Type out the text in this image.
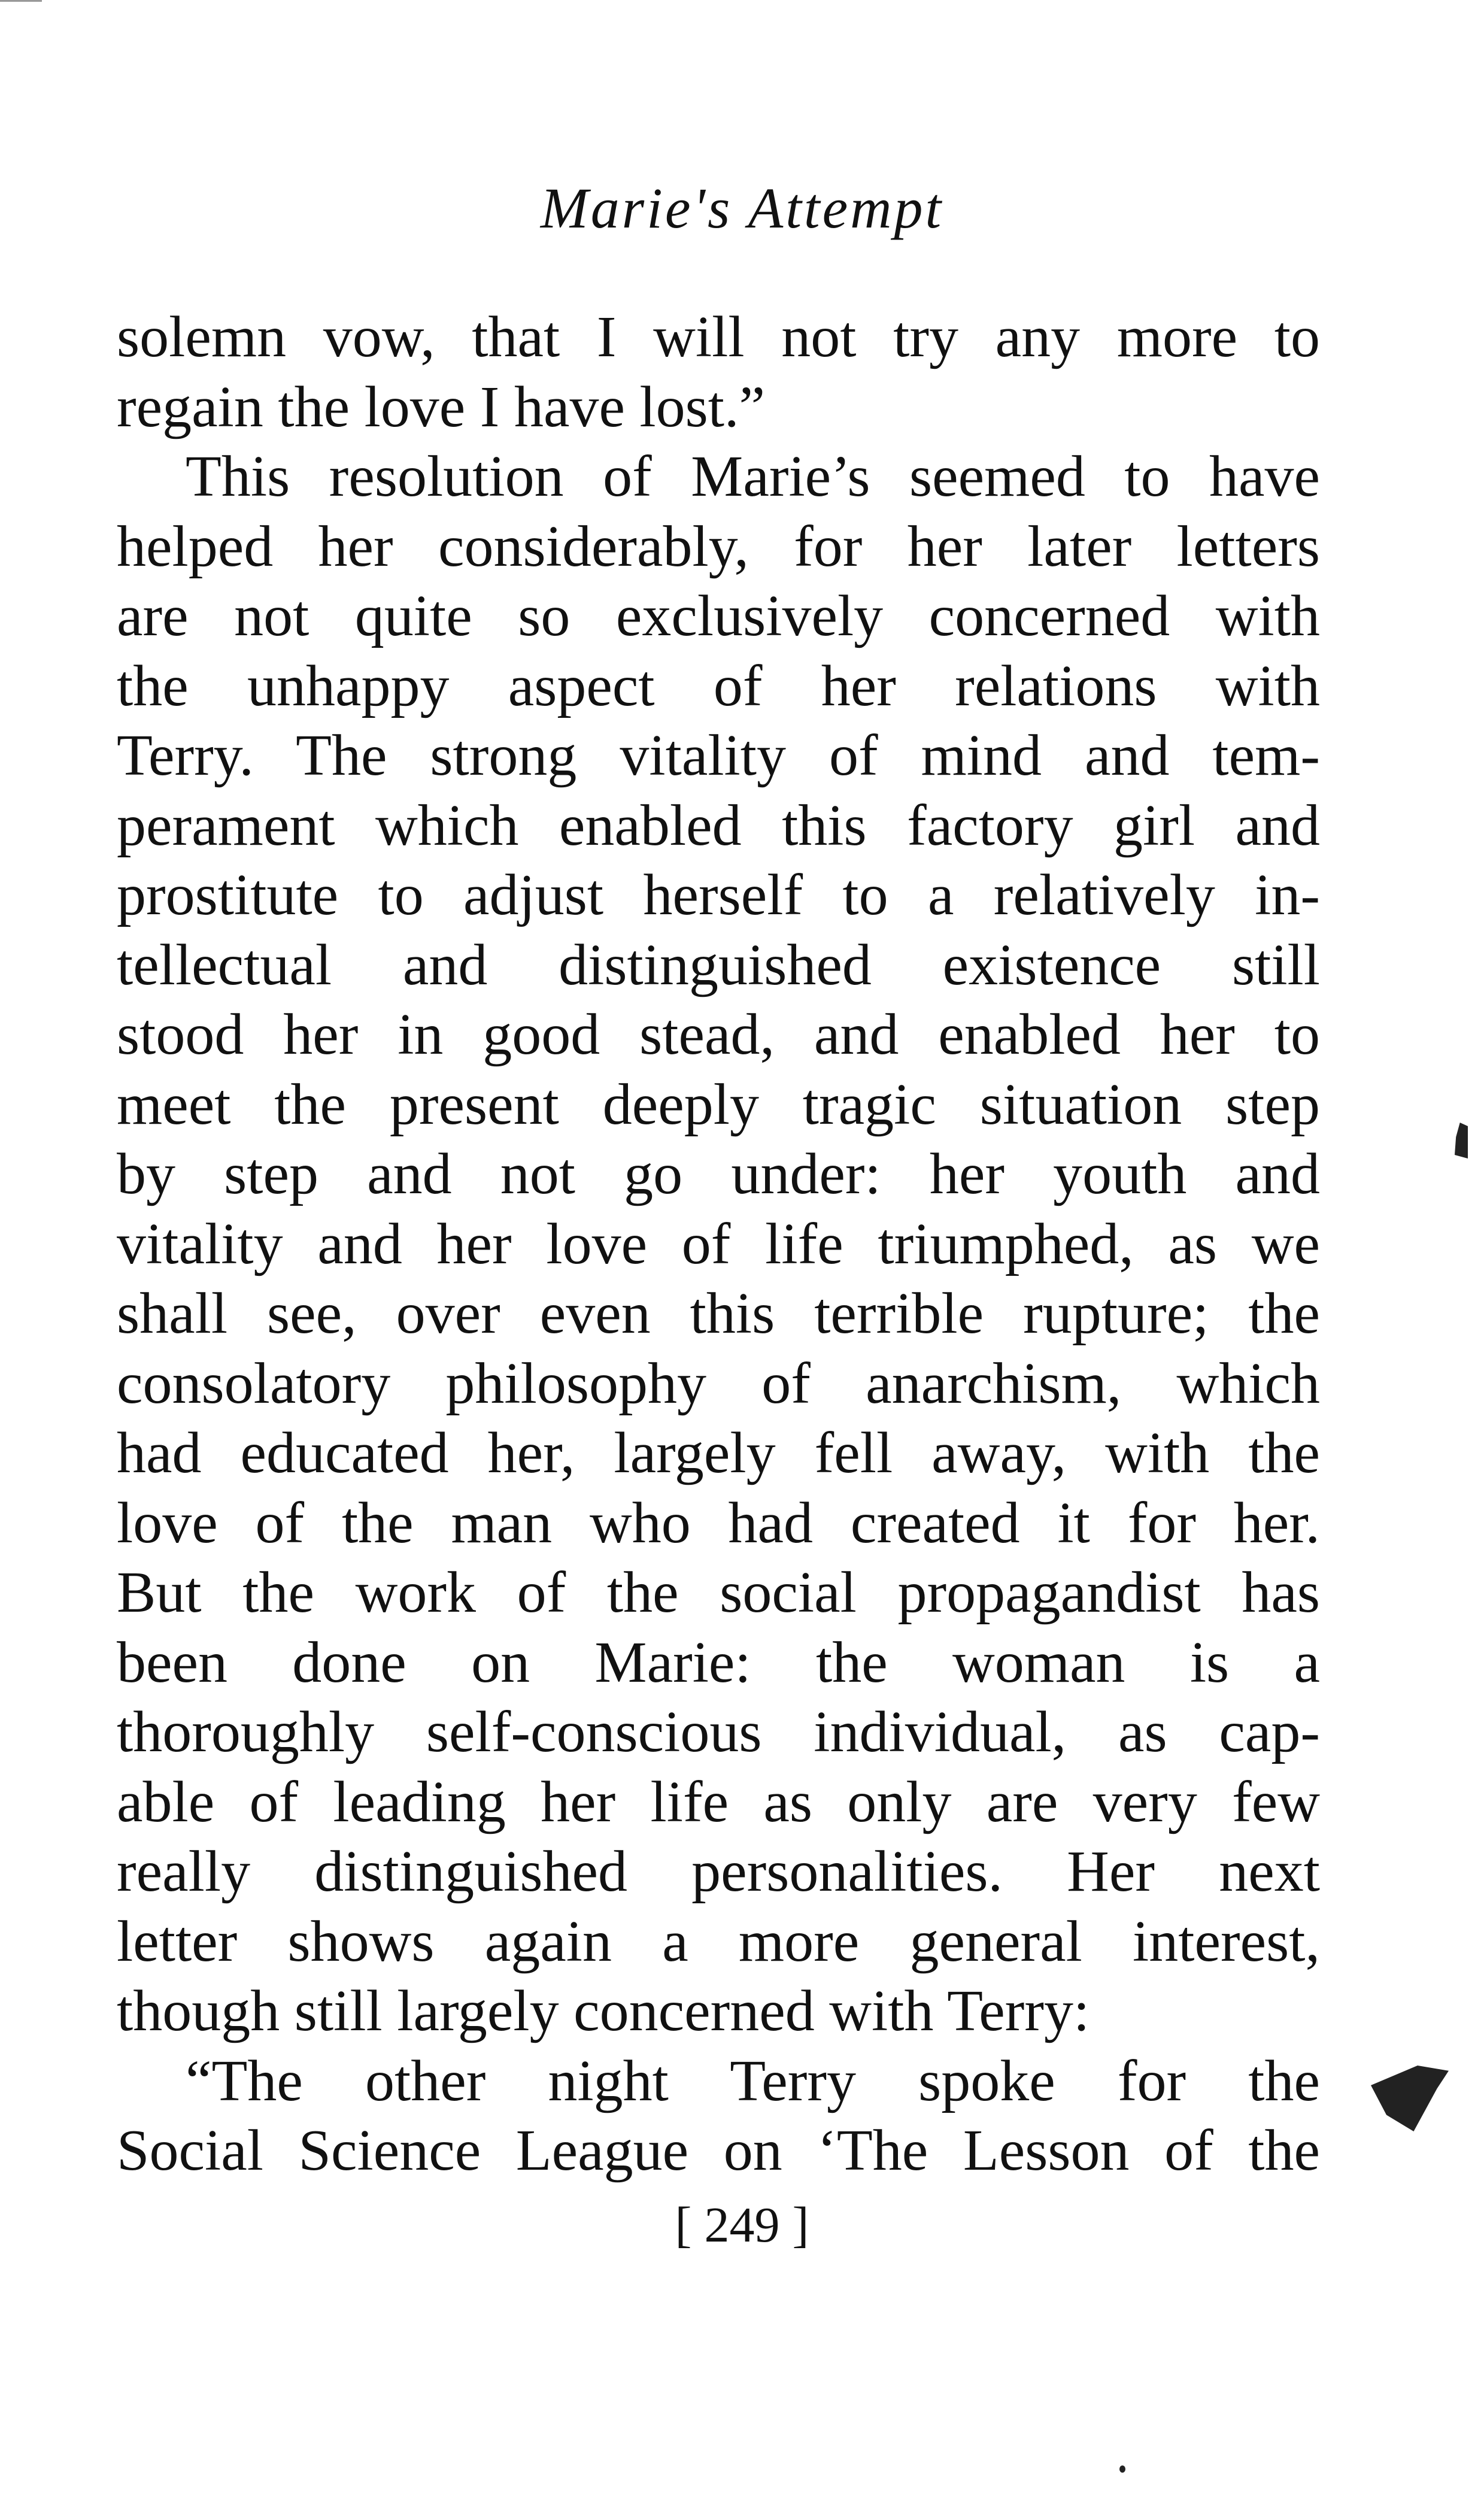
Marie's Attempt
solemn vow, that I will not try any more to
regain the love I have lost.”
This resolution of Marie’s seemed to have
helped her considerably, for her later letters
are not quite so exclusively concerned with
the unhappy aspect of her relations with
Terry. The strong vitality of mind and tem-
perament which enabled this factory girl and
prostitute to adjust herself to a relatively in-
tellectual and distinguished existence still
stood her in good stead, and enabled her to
meet the present deeply tragic situation step
by step and not go under: her youth and
vitality and her love of life triumphed, as we
shall see, over even this terrible rupture; the
consolatory philosophy of anarchism, which
had educated her, largely fell away, with the
love of the man who had created it for her.
But the work of the social propagandist has
been done on Marie: the woman is a
thoroughly self-conscious individual, as cap-
able of leading her life as only are very few
really distinguished personalities. Her next
letter shows again a more general interest,
though still largely concerned with Terry:
“The other night Terry spoke for the
Social Science League on ‘The Lesson of the
[ 249 ]
